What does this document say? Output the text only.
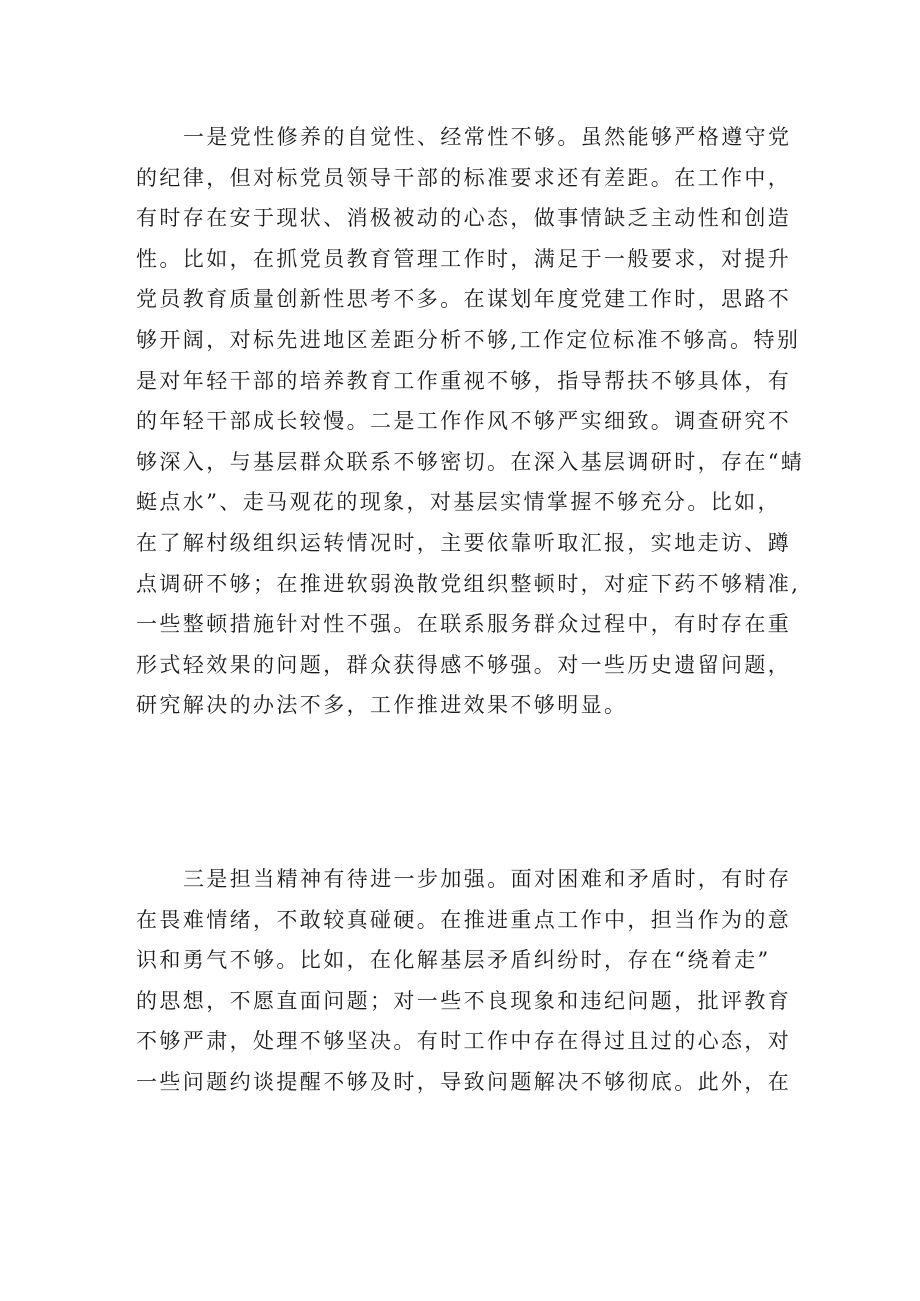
一是党性修养的自觉性、经常性不够。虽然能够严格遵守党
的纪律，但对标党员领导干部的标准要求还有差距。在工作中，
有时存在安于现状、消极被动的心态，做事情缺乏主动性和创造
性。比如，在抓党员教育管理工作时，满足于一般要求，对提升
党员教育质量创新性思考不多。在谋划年度党建工作时，思路不
够开阔，对标先进地区差距分析不够,工作定位标准不够高。特别
是对年轻干部的培养教育工作重视不够，指导帮扶不够具体，有
的年轻干部成长较慢。二是工作作风不够严实细致。调查研究不
够深入，与基层群众联系不够密切。在深入基层调研时，存在“蜻
蜓点水”、走马观花的现象，对基层实情掌握不够充分。比如，
在了解村级组织运转情况时，主要依靠听取汇报，实地走访、蹲
点调研不够；在推进软弱涣散党组织整顿时，对症下药不够精准,
一些整顿措施针对性不强。在联系服务群众过程中，有时存在重
形式轻效果的问题，群众获得感不够强。对一些历史遗留问题，
研究解决的办法不多，工作推进效果不够明显。

三是担当精神有待进一步加强。面对困难和矛盾时，有时存
在畏难情绪，不敢较真碰硬。在推进重点工作中，担当作为的意
识和勇气不够。比如，在化解基层矛盾纠纷时，存在“绕着走”
的思想，不愿直面问题；对一些不良现象和违纪问题，批评教育
不够严肃，处理不够坚决。有时工作中存在得过且过的心态，对
一些问题约谈提醒不够及时，导致问题解决不够彻底。此外，在
